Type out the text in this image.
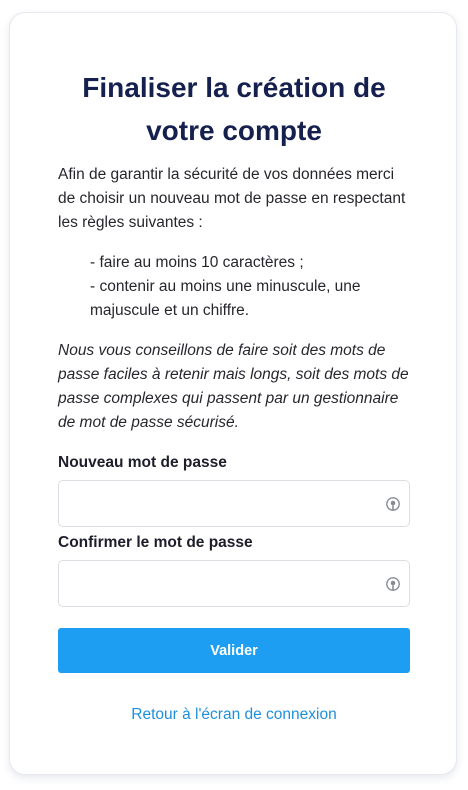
Finaliser la création de votre compte

Afin de garantir la sécurité de vos données merci de choisir un nouveau mot de passe en respectant les règles suivantes :

- faire au moins 10 caractères ;
- contenir au moins une minuscule, une majuscule et un chiffre.

Nous vous conseillons de faire soit des mots de passe faciles à retenir mais longs, soit des mots de passe complexes qui passent par un gestionnaire de mot de passe sécurisé.

Nouveau mot de passe
Confirmer le mot de passe
Valider
Retour à l'écran de connexion
